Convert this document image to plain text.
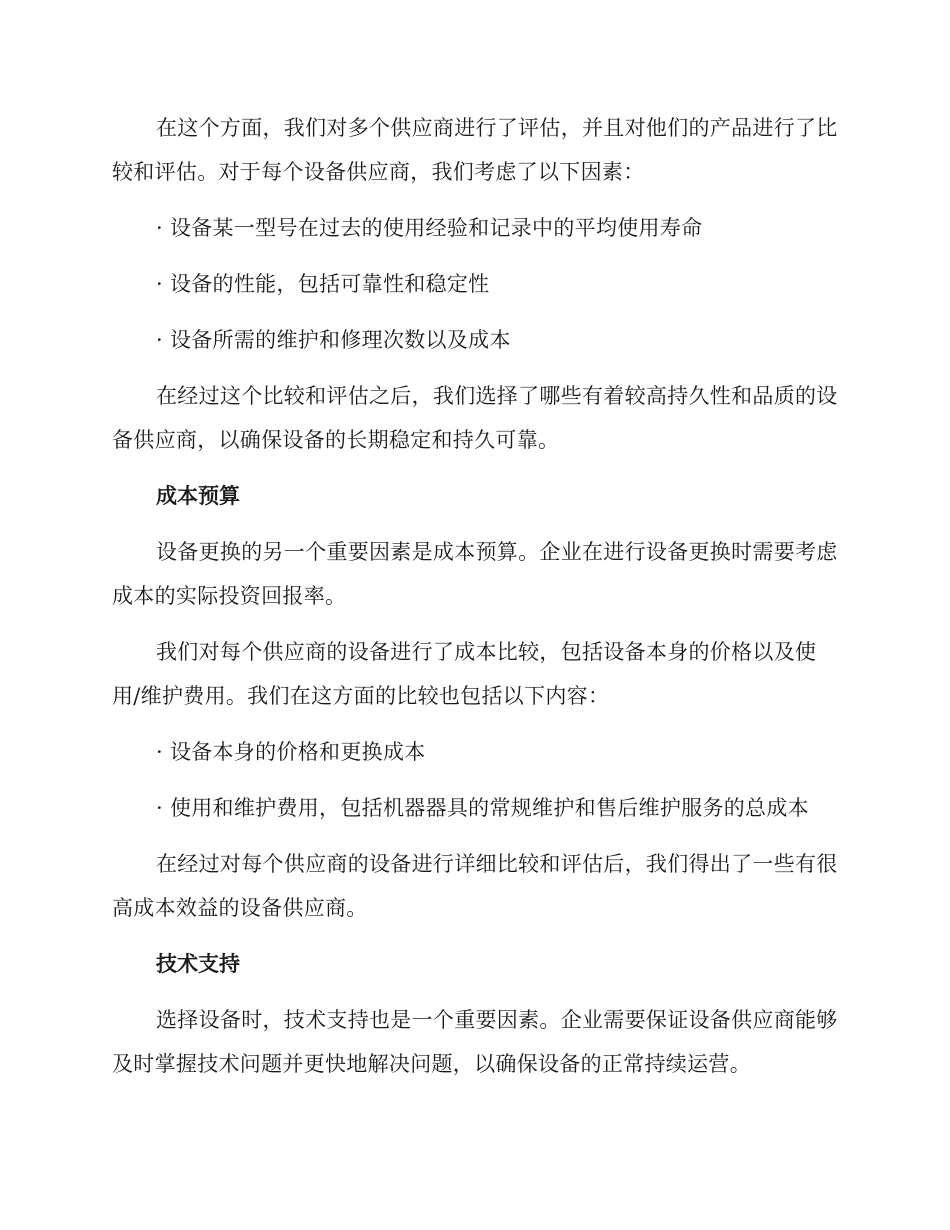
在这个方面，我们对多个供应商进行了评估，并且对他们的产品进行了比较和评估。对于每个设备供应商，我们考虑了以下因素：

· 设备某一型号在过去的使用经验和记录中的平均使用寿命

· 设备的性能，包括可靠性和稳定性

· 设备所需的维护和修理次数以及成本

在经过这个比较和评估之后，我们选择了哪些有着较高持久性和品质的设备供应商，以确保设备的长期稳定和持久可靠。

成本预算

设备更换的另一个重要因素是成本预算。企业在进行设备更换时需要考虑成本的实际投资回报率。

我们对每个供应商的设备进行了成本比较，包括设备本身的价格以及使用/维护费用。我们在这方面的比较也包括以下内容：

· 设备本身的价格和更换成本

· 使用和维护费用，包括机器器具的常规维护和售后维护服务的总成本

在经过对每个供应商的设备进行详细比较和评估后，我们得出了一些有很高成本效益的设备供应商。

技术支持

选择设备时，技术支持也是一个重要因素。企业需要保证设备供应商能够及时掌握技术问题并更快地解决问题，以确保设备的正常持续运营。
